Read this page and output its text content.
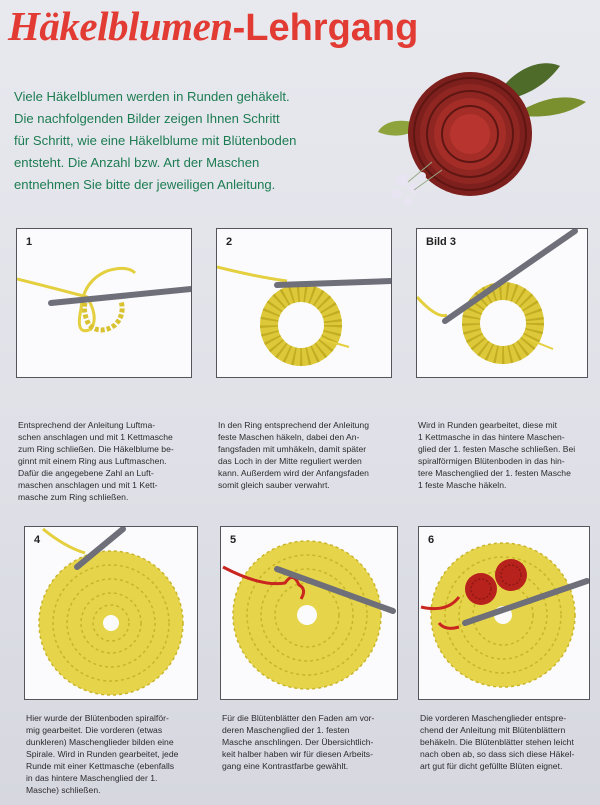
Häkelblumen-Lehrgang
Viele Häkelblumen werden in Runden gehäkelt.
Die nachfolgenden Bilder zeigen Ihnen Schritt
für Schritt, wie eine Häkelblume mit Blütenboden
entsteht. Die Anzahl bzw. Art der Maschen
entnehmen Sie bitte der jeweiligen Anleitung.
1	2	Bild 3
Entsprechend der Anleitung Luftma-
schen anschlagen und mit 1 Kettmasche
zum Ring schließen. Die Häkelblume be-
ginnt mit einem Ring aus Luftmaschen.
Dafür die angegebene Zahl an Luft-
maschen anschlagen und mit 1 Kett-
masche zum Ring schließen.
In den Ring entsprechend der Anleitung
feste Maschen häkeln, dabei den An-
fangsfaden mit umhäkeln, damit später
das Loch in der Mitte reguliert werden
kann. Außerdem wird der Anfangsfaden
somit gleich sauber verwahrt.
Wird in Runden gearbeitet, diese mit
1 Kettmasche in das hintere Maschen-
glied der 1. festen Masche schließen. Bei
spiralförmigen Blütenboden in das hin-
tere Maschenglied der 1. festen Masche
1 feste Masche häkeln.
4	5	6
Hier wurde der Blütenboden spiralför-
mig gearbeitet. Die vorderen (etwas
dunkleren) Maschenglieder bilden eine
Spirale. Wird in Runden gearbeitet, jede
Runde mit einer Kettmasche (ebenfalls
in das hintere Maschenglied der 1.
Masche) schließen.
Für die Blütenblätter den Faden am vor-
deren Maschenglied der 1. festen
Masche anschlingen. Der Übersichtlich-
keit halber haben wir für diesen Arbeits-
gang eine Kontrastfarbe gewählt.
Die vorderen Maschenglieder entspre-
chend der Anleitung mit Blütenblättern
behäkeln. Die Blütenblätter stehen leicht
nach oben ab, so dass sich diese Häkel-
art gut für dicht gefüllte Blüten eignet.
